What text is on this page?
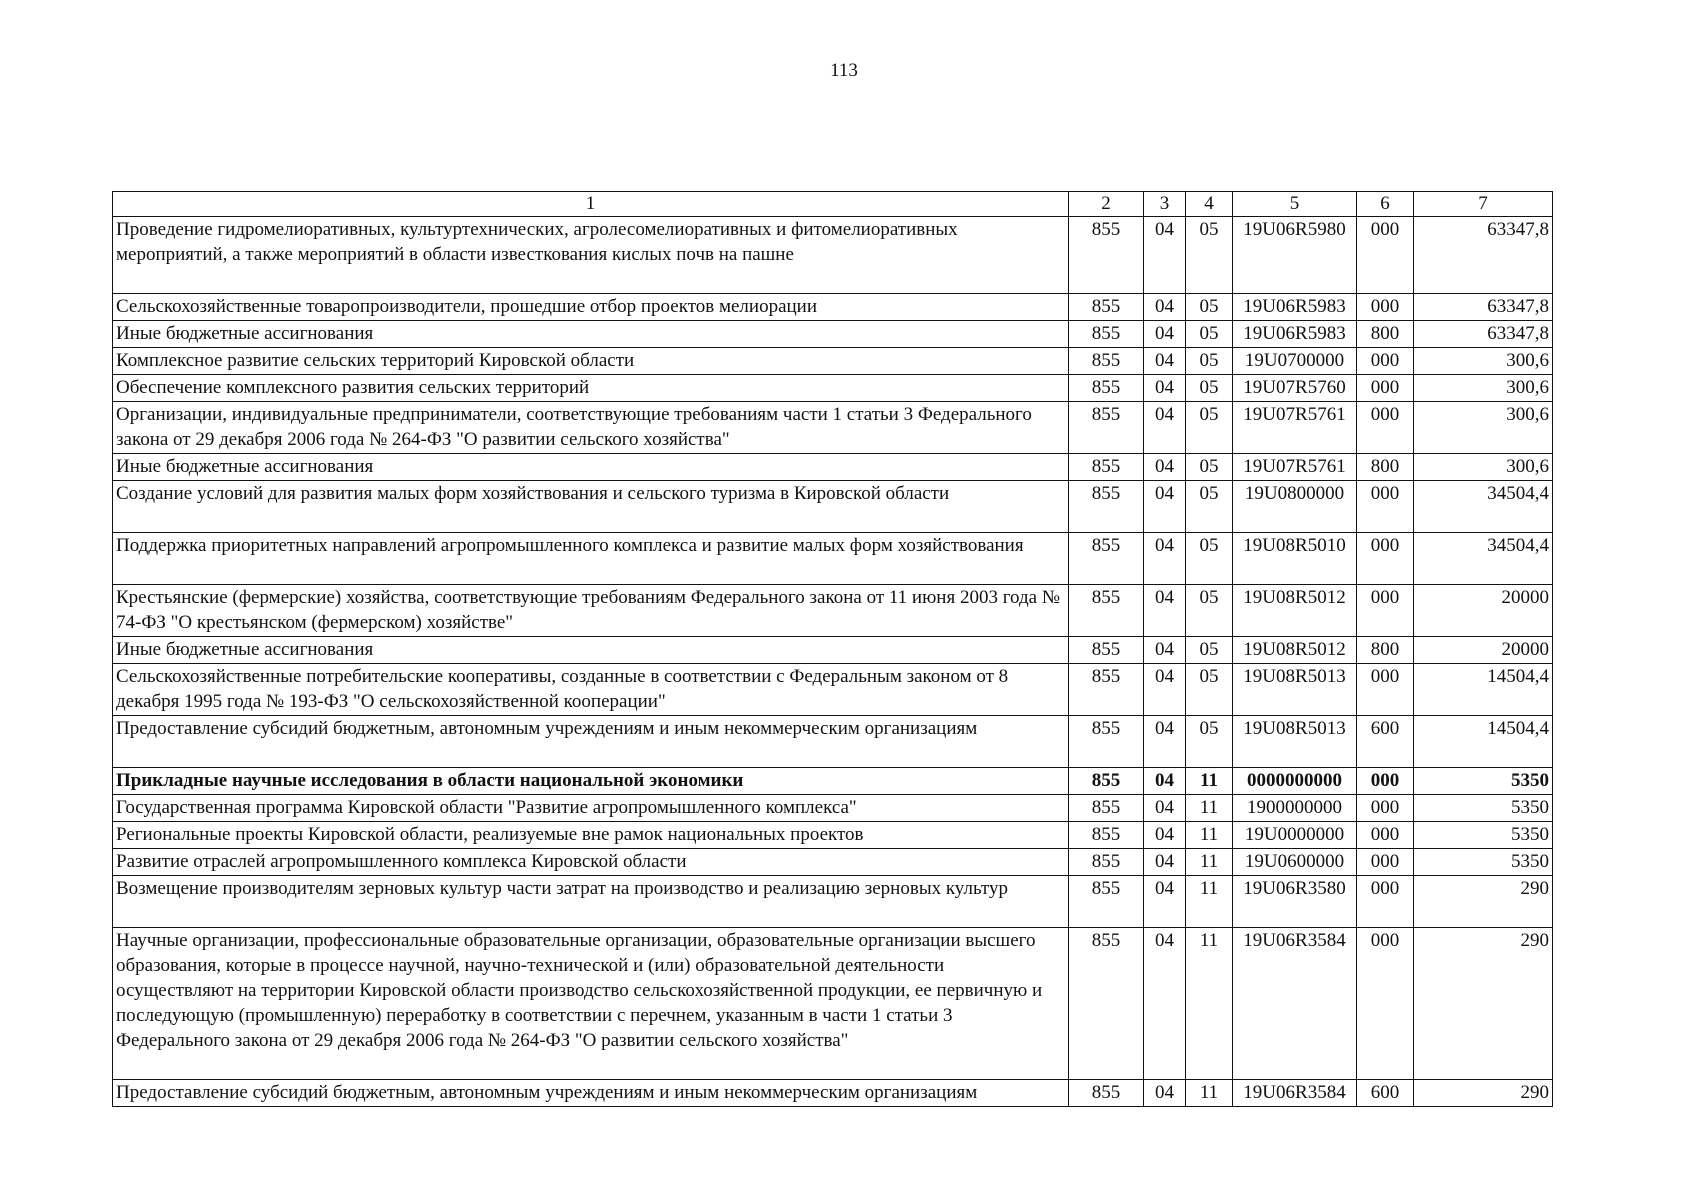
113
1	2	3	4	5	6	7
Проведение гидромелиоративных, культуртехнических, агролесомелиоративных и фитомелиоративных мероприятий, а также мероприятий в области известкования кислых почв на пашне	855	04	05	19U06R5980	000	63347,8
Сельскохозяйственные товаропроизводители, прошедшие отбор проектов мелиорации	855	04	05	19U06R5983	000	63347,8
Иные бюджетные ассигнования	855	04	05	19U06R5983	800	63347,8
Комплексное развитие сельских территорий Кировской области	855	04	05	19U0700000	000	300,6
Обеспечение комплексного развития сельских территорий	855	04	05	19U07R5760	000	300,6
Организации, индивидуальные предприниматели, соответствующие требованиям части 1 статьи 3 Федерального закона от 29 декабря 2006 года № 264-ФЗ "О развитии сельского хозяйства"	855	04	05	19U07R5761	000	300,6
Иные бюджетные ассигнования	855	04	05	19U07R5761	800	300,6
Создание условий для развития малых форм хозяйствования и сельского туризма в Кировской области	855	04	05	19U0800000	000	34504,4
Поддержка приоритетных направлений агропромышленного комплекса и развитие малых форм хозяйствования	855	04	05	19U08R5010	000	34504,4
Крестьянские (фермерские) хозяйства, соответствующие требованиям Федерального закона от 11 июня 2003 года № 74-ФЗ "О крестьянском (фермерском) хозяйстве"	855	04	05	19U08R5012	000	20000
Иные бюджетные ассигнования	855	04	05	19U08R5012	800	20000
Сельскохозяйственные потребительские кооперативы, созданные в соответствии с Федеральным законом от 8 декабря 1995 года № 193-ФЗ "О сельскохозяйственной кооперации"	855	04	05	19U08R5013	000	14504,4
Предоставление субсидий бюджетным, автономным учреждениям и иным некоммерческим организациям	855	04	05	19U08R5013	600	14504,4
Прикладные научные исследования в области национальной экономики	855	04	11	0000000000	000	5350
Государственная программа Кировской области "Развитие агропромышленного комплекса"	855	04	11	1900000000	000	5350
Региональные проекты Кировской области, реализуемые вне рамок национальных проектов	855	04	11	19U0000000	000	5350
Развитие отраслей агропромышленного комплекса Кировской области	855	04	11	19U0600000	000	5350
Возмещение производителям зерновых культур части затрат на производство и реализацию зерновых культур	855	04	11	19U06R3580	000	290
Научные организации, профессиональные образовательные организации, образовательные организации высшего образования, которые в процессе научной, научно-технической и (или) образовательной деятельности осуществляют на территории Кировской области производство сельскохозяйственной продукции, ее первичную и последующую (промышленную) переработку в соответствии с перечнем, указанным в части 1 статьи 3 Федерального закона от 29 декабря 2006 года № 264-ФЗ "О развитии сельского хозяйства"	855	04	11	19U06R3584	000	290
Предоставление субсидий бюджетным, автономным учреждениям и иным некоммерческим организациям	855	04	11	19U06R3584	600	290
